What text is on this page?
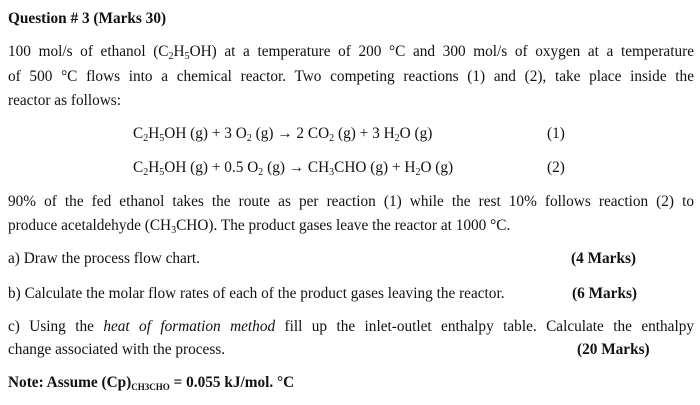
Question # 3 (Marks 30)
100 mol/s of ethanol $(C_2H_5OH)$ at a temperature of 200 °C and 300 mol/s of oxygen at a temperature
of 500 °C flows into a chemical reactor. Two competing reactions (1) and (2), take place inside the
reactor as follows:
$C_2H_5OH$ (g) + 3 $O_2$ (g) → 2 $CO_2$ (g) + 3 $H_2O$ (g)	(1)
$C_2H_5OH$ (g) + 0.5 $O_2$ $(g) \to CH_3CHO$ $(g) + H_2O$ (g)	(2)
90% of the fed ethanol takes the route as per reaction (1) while the rest 10% follows reaction (2) to
produce acetaldehyde $(CH_3CHO)$. The product gases leave the reactor at 1000 °C.
a) Draw the process flow chart.	(4 Marks)
b) Calculate the molar flow rates of each of the product gases leaving the reactor.	(6 Marks)
c) Using the heat of formation method fill up the inlet-outlet enthalpy table. Calculate the enthalpy
change associated with the process.	(20 Marks)
Note: Assume $(Cp)_{CH3CHO} = 0.055$ kJ/mol. °C
